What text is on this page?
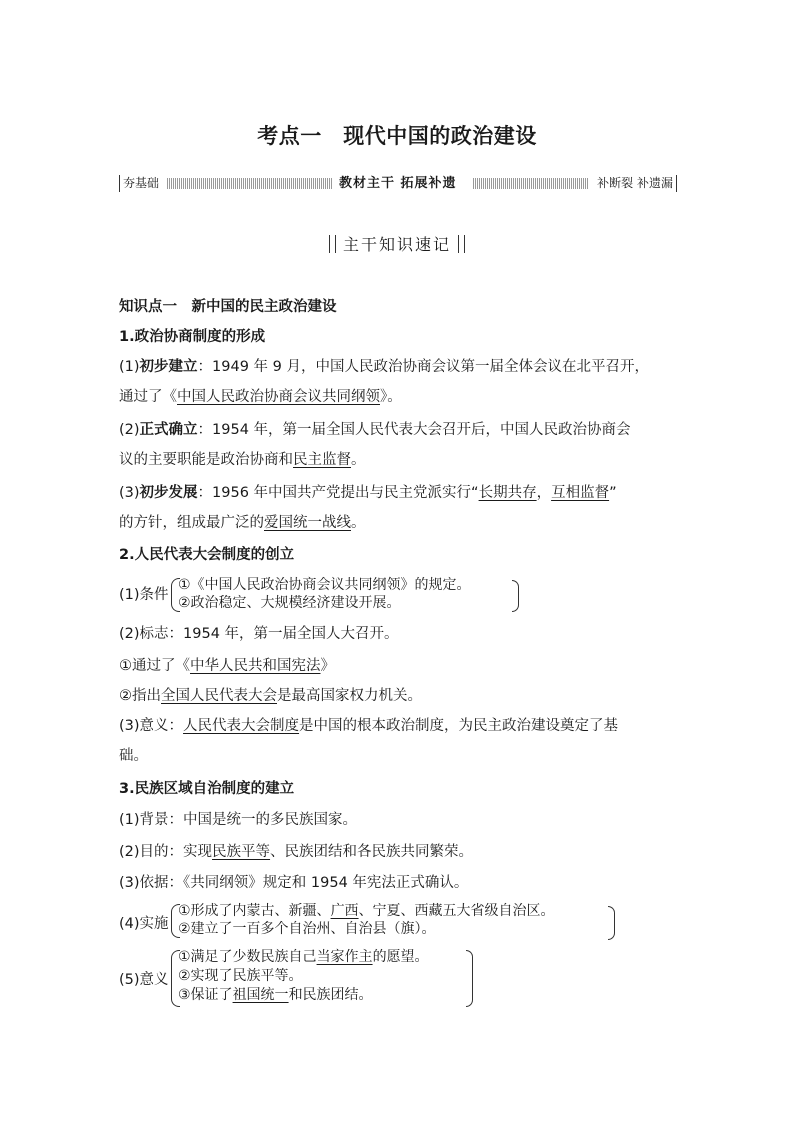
考点一　现代中国的政治建设
夯基础	教材主干 拓展补遗	补断裂 补遗漏
主干知识速记
知识点一　新中国的民主政治建设
1.政治协商制度的形成
(1)初步建立：1949 年 9 月，中国人民政治协商会议第一届全体会议在北平召开，
通过了《中国人民政治协商会议共同纲领》。
(2)正式确立：1954 年，第一届全国人民代表大会召开后，中国人民政治协商会
议的主要职能是政治协商和民主监督。
(3)初步发展：1956 年中国共产党提出与民主党派实行“长期共存，互相监督”
的方针，组成最广泛的爱国统一战线。
2.人民代表大会制度的创立
(1)条件
①《中国人民政治协商会议共同纲领》的规定。
②政治稳定、大规模经济建设开展。
(2)标志：1954 年，第一届全国人大召开。
①通过了《中华人民共和国宪法》
②指出全国人民代表大会是最高国家权力机关。
(3)意义：人民代表大会制度是中国的根本政治制度，为民主政治建设奠定了基
础。
3.民族区域自治制度的建立
(1)背景：中国是统一的多民族国家。
(2)目的：实现民族平等、民族团结和各民族共同繁荣。
(3)依据：《共同纲领》规定和 1954 年宪法正式确认。
(4)实施
①形成了内蒙古、新疆、广西、宁夏、西藏五大省级自治区。
②建立了一百多个自治州、自治县（旗）。
(5)意义
①满足了少数民族自己当家作主的愿望。
②实现了民族平等。
③保证了祖国统一和民族团结。
